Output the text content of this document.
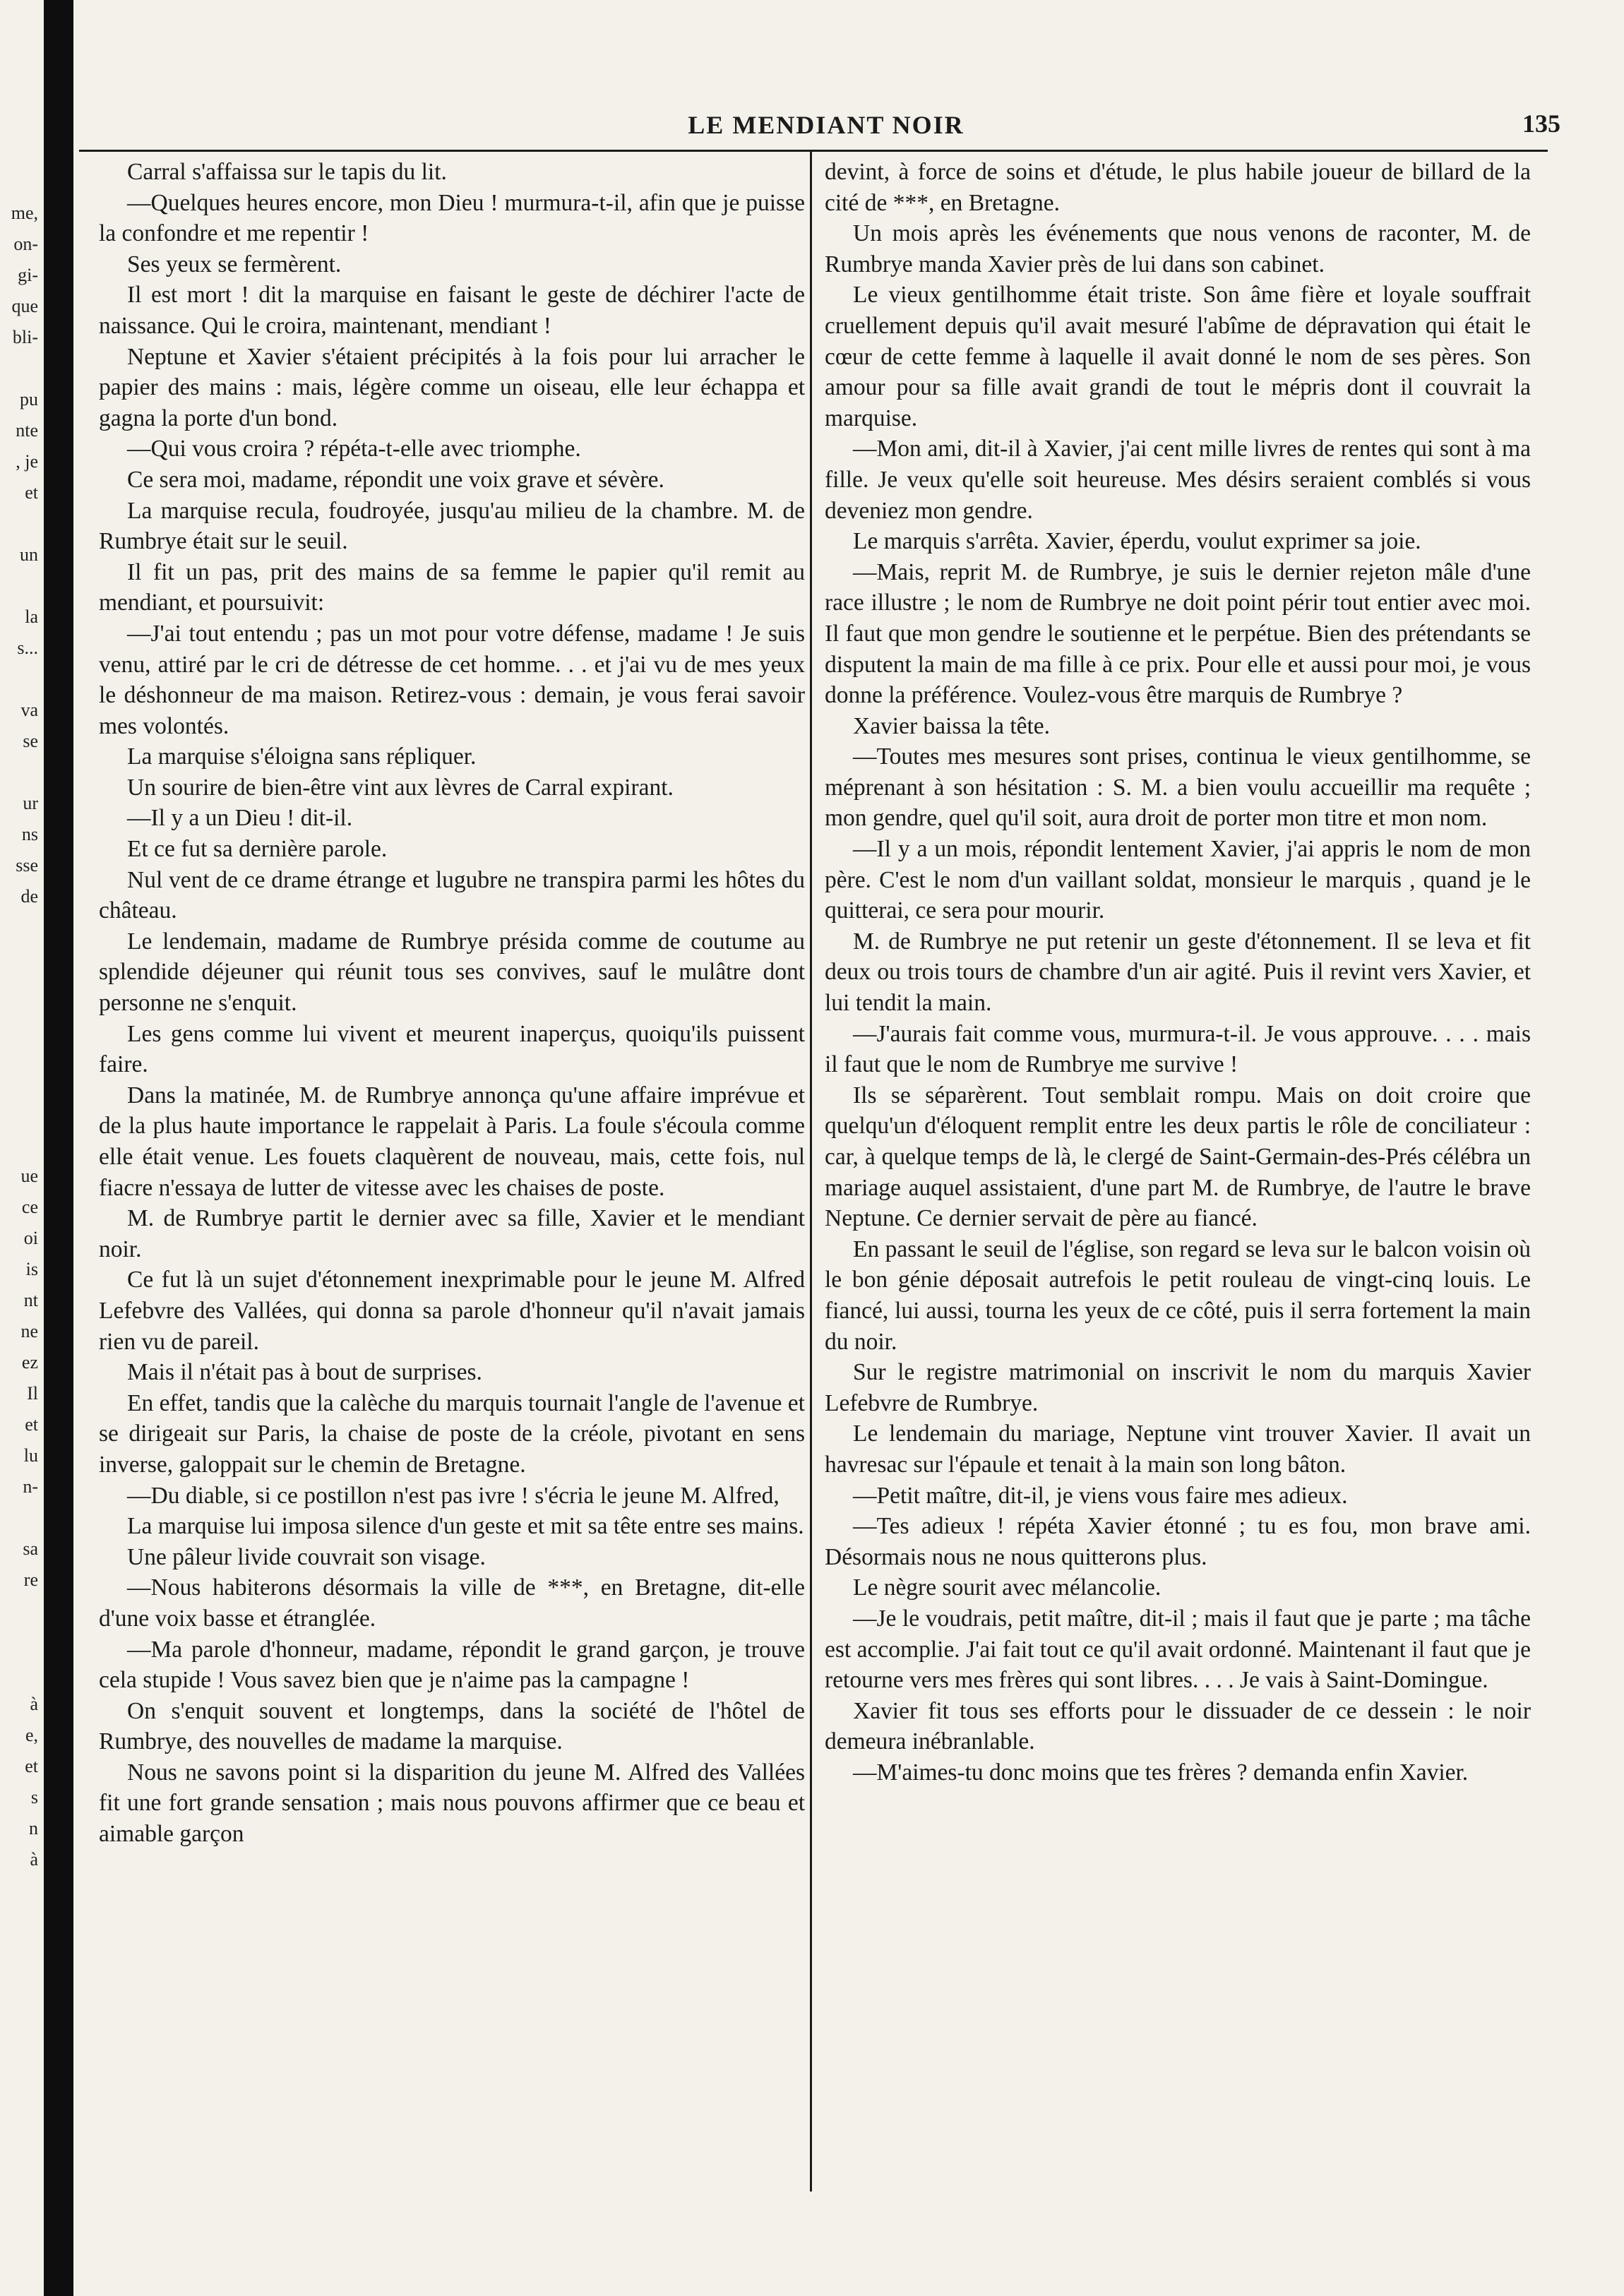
me,
on-
gi-
que
bli-
pu
nte
, je
et
un
la
s...
va
se
ur
ns
sse
de
ue
ce
oi
is
nt
ne
ez
Il
et
lu
n-
sa
re
à
e,
et
s
n
à
LE MENDIANT NOIR	135

Carral s'affaissa sur le tapis du lit.

—Quelques heures encore, mon Dieu ! murmura-t-il, afin que je puisse la confondre et me repentir !

Ses yeux se fermèrent.

Il est mort ! dit la marquise en faisant le geste de déchirer l'acte de naissance. Qui le croira, maintenant, mendiant !

Neptune et Xavier s'étaient précipités à la fois pour lui arracher le papier des mains : mais, légère comme un oiseau, elle leur échappa et gagna la porte d'un bond.

—Qui vous croira ? répéta-t-elle avec triomphe.

Ce sera moi, madame, répondit une voix grave et sévère.

La marquise recula, foudroyée, jusqu'au milieu de la chambre. M. de Rumbrye était sur le seuil.

Il fit un pas, prit des mains de sa femme le papier qu'il remit au mendiant, et poursuivit:

—J'ai tout entendu ; pas un mot pour votre défense, madame ! Je suis venu, attiré par le cri de détresse de cet homme. . . et j'ai vu de mes yeux le déshonneur de ma maison. Retirez-vous : demain, je vous ferai savoir mes volontés.

La marquise s'éloigna sans répliquer.

Un sourire de bien-être vint aux lèvres de Carral expirant.

—Il y a un Dieu ! dit-il.

Et ce fut sa dernière parole.

Nul vent de ce drame étrange et lugubre ne transpira parmi les hôtes du château.

Le lendemain, madame de Rumbrye présida comme de coutume au splendide déjeuner qui réunit tous ses convives, sauf le mulâtre dont personne ne s'enquit.

Les gens comme lui vivent et meurent inaperçus, quoiqu'ils puissent faire.

Dans la matinée, M. de Rumbrye annonça qu'une affaire imprévue et de la plus haute importance le rappelait à Paris. La foule s'écoula comme elle était venue. Les fouets claquèrent de nouveau, mais, cette fois, nul fiacre n'essaya de lutter de vitesse avec les chaises de poste.

M. de Rumbrye partit le dernier avec sa fille, Xavier et le mendiant noir.

Ce fut là un sujet d'étonnement inexprimable pour le jeune M. Alfred Lefebvre des Vallées, qui donna sa parole d'honneur qu'il n'avait jamais rien vu de pareil.

Mais il n'était pas à bout de surprises.

En effet, tandis que la calèche du marquis tournait l'angle de l'avenue et se dirigeait sur Paris, la chaise de poste de la créole, pivotant en sens inverse, galoppait sur le chemin de Bretagne.

—Du diable, si ce postillon n'est pas ivre ! s'écria le jeune M. Alfred,

La marquise lui imposa silence d'un geste et mit sa tête entre ses mains.

Une pâleur livide couvrait son visage.

—Nous habiterons désormais la ville de ***, en Bretagne, dit-elle d'une voix basse et étranglée.

—Ma parole d'honneur, madame, répondit le grand garçon, je trouve cela stupide ! Vous savez bien que je n'aime pas la campagne !

On s'enquit souvent et longtemps, dans la société de l'hôtel de Rumbrye, des nouvelles de madame la marquise.

Nous ne savons point si la disparition du jeune M. Alfred des Vallées fit une fort grande sensation ; mais nous pouvons affirmer que ce beau et aimable garçon

devint, à force de soins et d'étude, le plus habile joueur de billard de la cité de ***, en Bretagne.

Un mois après les événements que nous venons de raconter, M. de Rumbrye manda Xavier près de lui dans son cabinet.

Le vieux gentilhomme était triste. Son âme fière et loyale souffrait cruellement depuis qu'il avait mesuré l'abîme de dépravation qui était le cœur de cette femme à laquelle il avait donné le nom de ses pères. Son amour pour sa fille avait grandi de tout le mépris dont il couvrait la marquise.

—Mon ami, dit-il à Xavier, j'ai cent mille livres de rentes qui sont à ma fille. Je veux qu'elle soit heureuse. Mes désirs seraient comblés si vous deveniez mon gendre.

Le marquis s'arrêta. Xavier, éperdu, voulut exprimer sa joie.

—Mais, reprit M. de Rumbrye, je suis le dernier rejeton mâle d'une race illustre ; le nom de Rumbrye ne doit point périr tout entier avec moi. Il faut que mon gendre le soutienne et le perpétue. Bien des prétendants se disputent la main de ma fille à ce prix. Pour elle et aussi pour moi, je vous donne la préférence. Voulez-vous être marquis de Rumbrye ?

Xavier baissa la tête.

—Toutes mes mesures sont prises, continua le vieux gentilhomme, se méprenant à son hésitation : S. M. a bien voulu accueillir ma requête ; mon gendre, quel qu'il soit, aura droit de porter mon titre et mon nom.

—Il y a un mois, répondit lentement Xavier, j'ai appris le nom de mon père. C'est le nom d'un vaillant soldat, monsieur le marquis , quand je le quitterai, ce sera pour mourir.

M. de Rumbrye ne put retenir un geste d'étonnement. Il se leva et fit deux ou trois tours de chambre d'un air agité. Puis il revint vers Xavier, et lui tendit la main.

—J'aurais fait comme vous, murmura-t-il. Je vous approuve. . . . mais il faut que le nom de Rumbrye me survive !

Ils se séparèrent. Tout semblait rompu. Mais on doit croire que quelqu'un d'éloquent remplit entre les deux partis le rôle de conciliateur : car, à quelque temps de là, le clergé de Saint-Germain-des-Prés célébra un mariage auquel assistaient, d'une part M. de Rumbrye, de l'autre le brave Neptune. Ce dernier servait de père au fiancé.

En passant le seuil de l'église, son regard se leva sur le balcon voisin où le bon génie déposait autrefois le petit rouleau de vingt-cinq louis. Le fiancé, lui aussi, tourna les yeux de ce côté, puis il serra fortement la main du noir.

Sur le registre matrimonial on inscrivit le nom du marquis Xavier Lefebvre de Rumbrye.

Le lendemain du mariage, Neptune vint trouver Xavier. Il avait un havresac sur l'épaule et tenait à la main son long bâton.

—Petit maître, dit-il, je viens vous faire mes adieux.

—Tes adieux ! répéta Xavier étonné ; tu es fou, mon brave ami. Désormais nous ne nous quitterons plus.

Le nègre sourit avec mélancolie.

—Je le voudrais, petit maître, dit-il ; mais il faut que je parte ; ma tâche est accomplie. J'ai fait tout ce qu'il avait ordonné. Maintenant il faut que je retourne vers mes frères qui sont libres. . . . Je vais à Saint-Domingue.

Xavier fit tous ses efforts pour le dissuader de ce dessein : le noir demeura inébranlable.

—M'aimes-tu donc moins que tes frères ? demanda enfin Xavier.
